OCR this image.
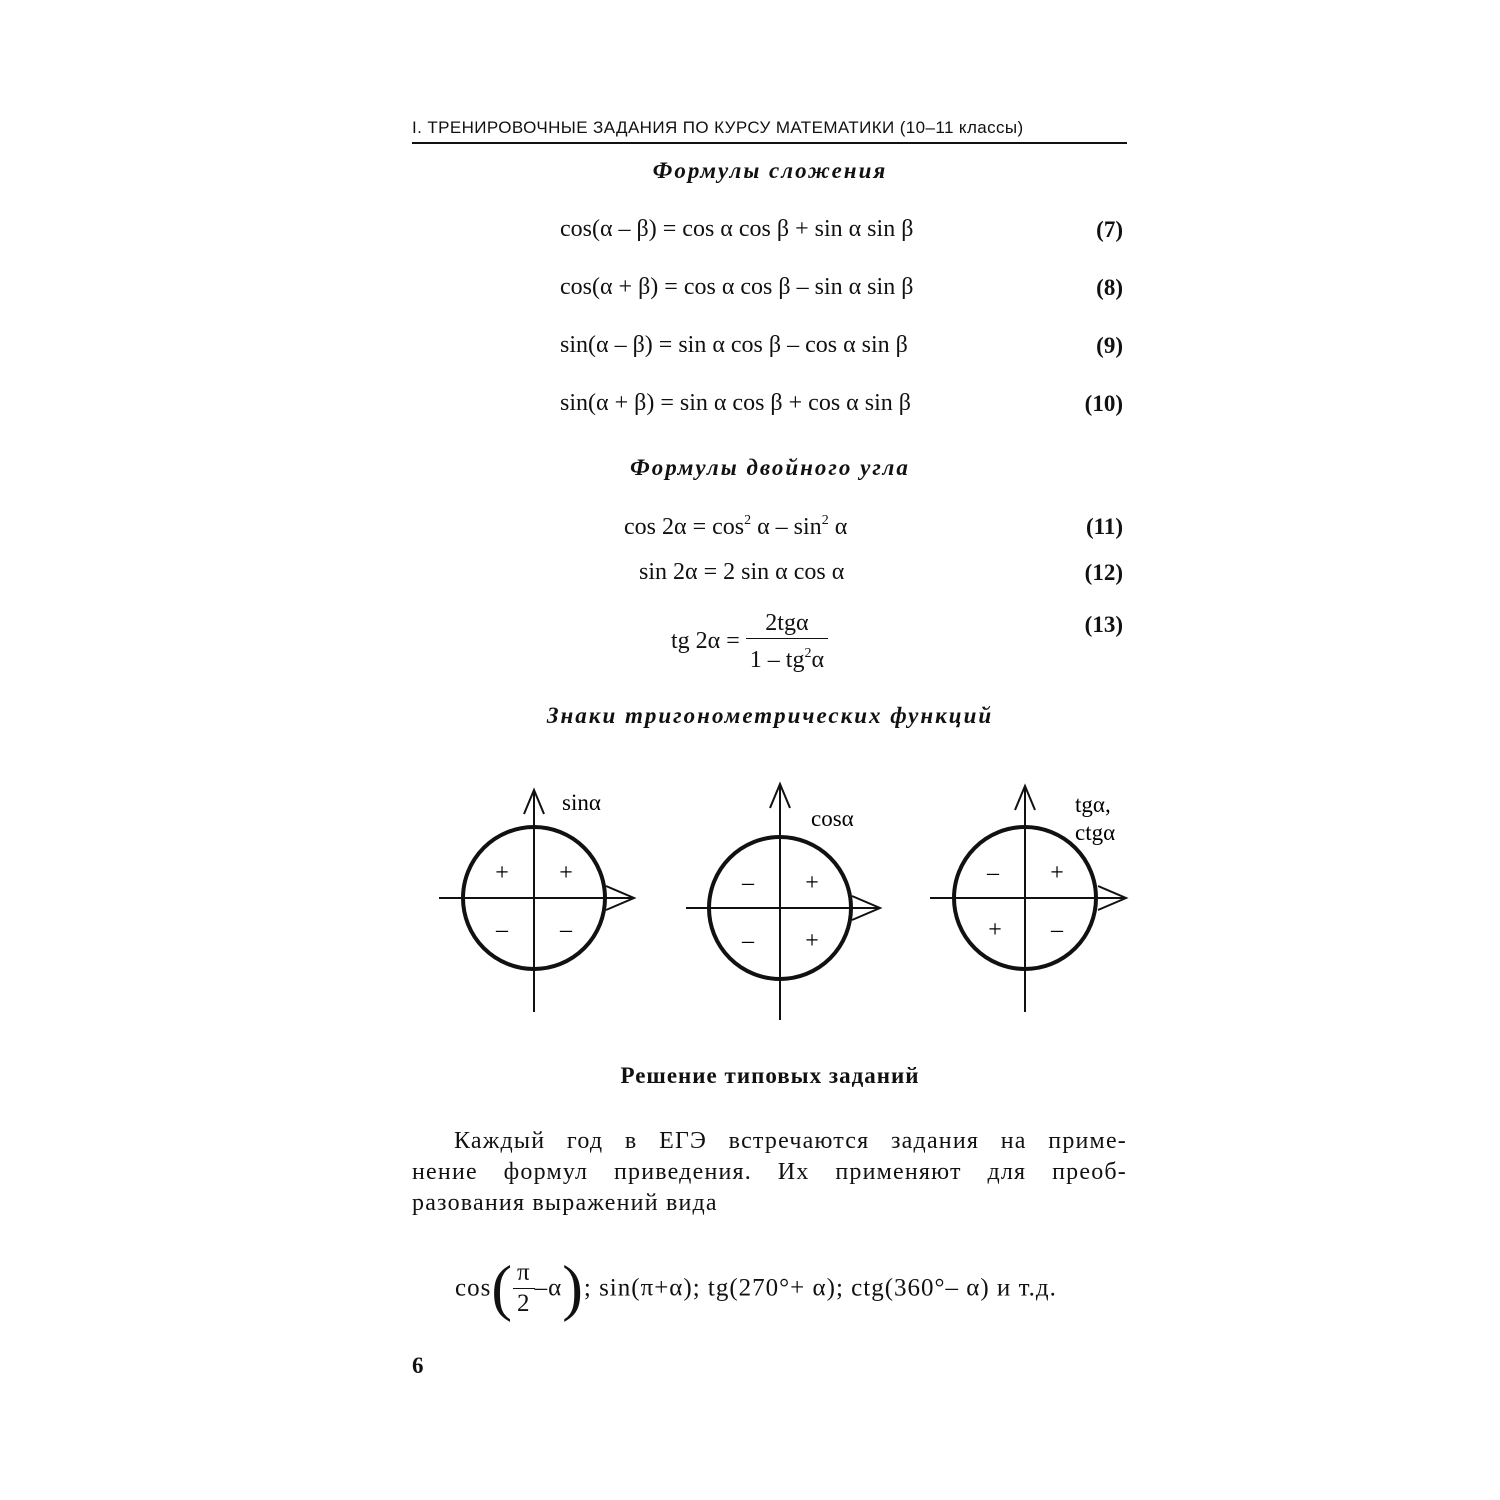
I. ТРЕНИРОВОЧНЫЕ ЗАДАНИЯ ПО КУРСУ МАТЕМАТИКИ (10–11 классы)
Формулы сложения
cos(α – β) = cos α cos β + sin α sin β	(7)
cos(α + β) = cos α cos β – sin α sin β	(8)
sin(α – β) = sin α cos β – cos α sin β	(9)
sin(α + β) = sin α cos β + cos α sin β	(10)
Формулы двойного угла
$\cos 2\alpha = \cos^2 \alpha - \sin^2 \alpha$	(11)
sin 2α = 2 sin α cos α	(12)
tg $2\alpha = \frac{\text{2tgα}}{1 - tg^2\alpha}$	(13)
Знаки тригонометрических функций
sinα
+
+
– –
cosα
+
–
– +
tgα,
ctgα
+
–
+ –
Решение типовых заданий
Каждый год в ЕГЭ встречаются задания на приме-
нение формул приведения. Их применяют для преоб-
разования выражений вида
$\cos( \frac{\pi}{2} -\alpha)$; sin(π+α); tg(270°+ α); ctg(360°– α) и т.д.
6
